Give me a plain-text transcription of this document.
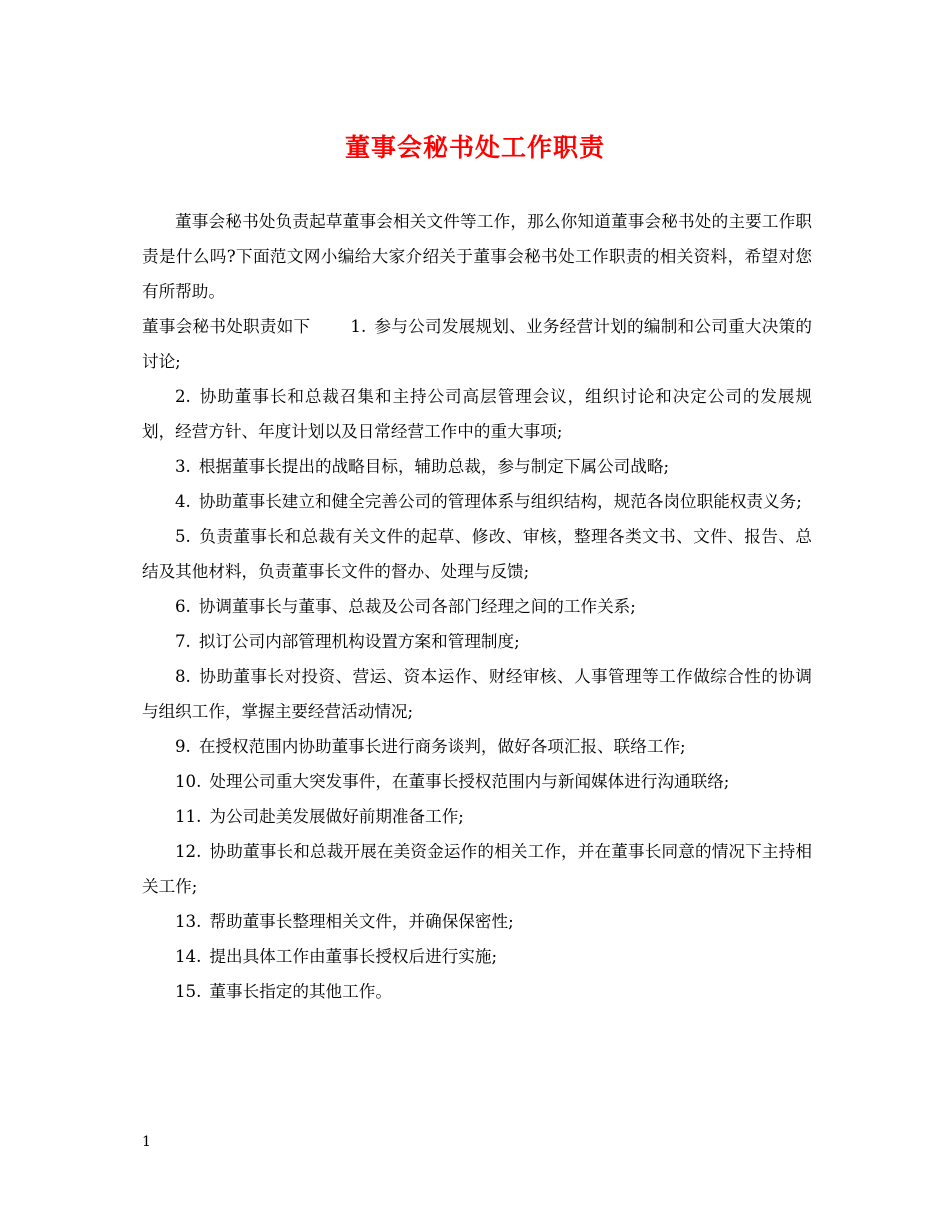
董事会秘书处工作职责

董事会秘书处负责起草董事会相关文件等工作，那么你知道董事会秘书处的主要工作职责是什么吗?下面范文网小编给大家介绍关于董事会秘书处工作职责的相关资料，希望对您有所帮助。

董事会秘书处职责如下 1. 参与公司发展规划、业务经营计划的编制和公司重大决策的讨论;

2. 协助董事长和总裁召集和主持公司高层管理会议，组织讨论和决定公司的发展规划，经营方针、年度计划以及日常经营工作中的重大事项;

3. 根据董事长提出的战略目标，辅助总裁，参与制定下属公司战略;

4. 协助董事长建立和健全完善公司的管理体系与组织结构，规范各岗位职能权责义务;

5. 负责董事长和总裁有关文件的起草、修改、审核，整理各类文书、文件、报告、总结及其他材料，负责董事长文件的督办、处理与反馈;

6. 协调董事长与董事、总裁及公司各部门经理之间的工作关系;

7. 拟订公司内部管理机构设置方案和管理制度;

8. 协助董事长对投资、营运、资本运作、财经审核、人事管理等工作做综合性的协调与组织工作，掌握主要经营活动情况;

9. 在授权范围内协助董事长进行商务谈判，做好各项汇报、联络工作;

10. 处理公司重大突发事件，在董事长授权范围内与新闻媒体进行沟通联络;

11. 为公司赴美发展做好前期准备工作;

12. 协助董事长和总裁开展在美资金运作的相关工作，并在董事长同意的情况下主持相关工作;

13. 帮助董事长整理相关文件，并确保保密性;

14. 提出具体工作由董事长授权后进行实施;

15. 董事长指定的其他工作。

1
